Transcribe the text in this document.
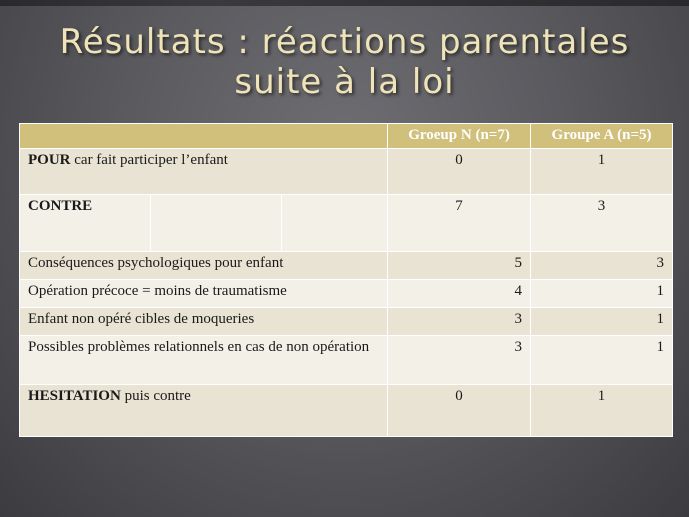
Résultats : réactions parentales
suite à la loi
			Groeup N (n=7)	Groupe A (n=5)
POUR car fait participer l’enfant			0	1
CONTRE			7	3
Conséquences psychologiques pour enfant			5	3
Opération précoce = moins de traumatisme			4	1
Enfant non opéré cibles de moqueries			3	1
Possibles problèmes relationnels en cas de non opération			3	1
HESITATION puis contre			0	1
